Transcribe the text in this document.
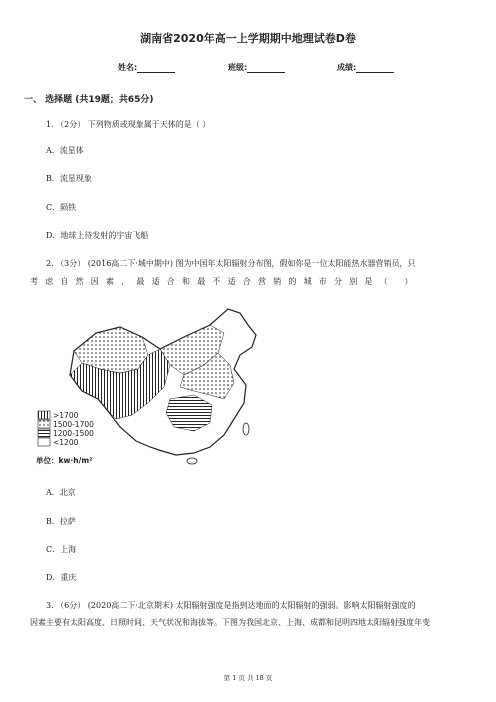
湖南省2020年高一上学期期中地理试卷D卷
姓名:	班级:	成绩:
一、 选择题 (共19题；共65分)
1. （2分） 下列物质或现象属于天体的是（ ）
A．流星体
B．流星现象
C．陨铁
D．地球上待发射的宇宙飞船
2. （3分） (2016高二下·城中期中) 图为中国年太阳辐射分布图，假如你是一位太阳能热水器营销员，只
考虑自然因素，最适合和最不适合营销的城市分别是（ ）
>1700
1500-1700
1200-1500
<1200
单位：kw·h/m²
A．北京
B．拉萨
C．上海
D．重庆
3. （6分） (2020高二下·北京期末) 太阳辐射强度是指到达地面的太阳辐射的强弱。影响太阳辐射强度的
因素主要有太阳高度、日照时间、天气状况和海拔等。下图为我国北京、上海、成都和昆明四地太阳辐射强度年变
第 1 页 共 18 页
